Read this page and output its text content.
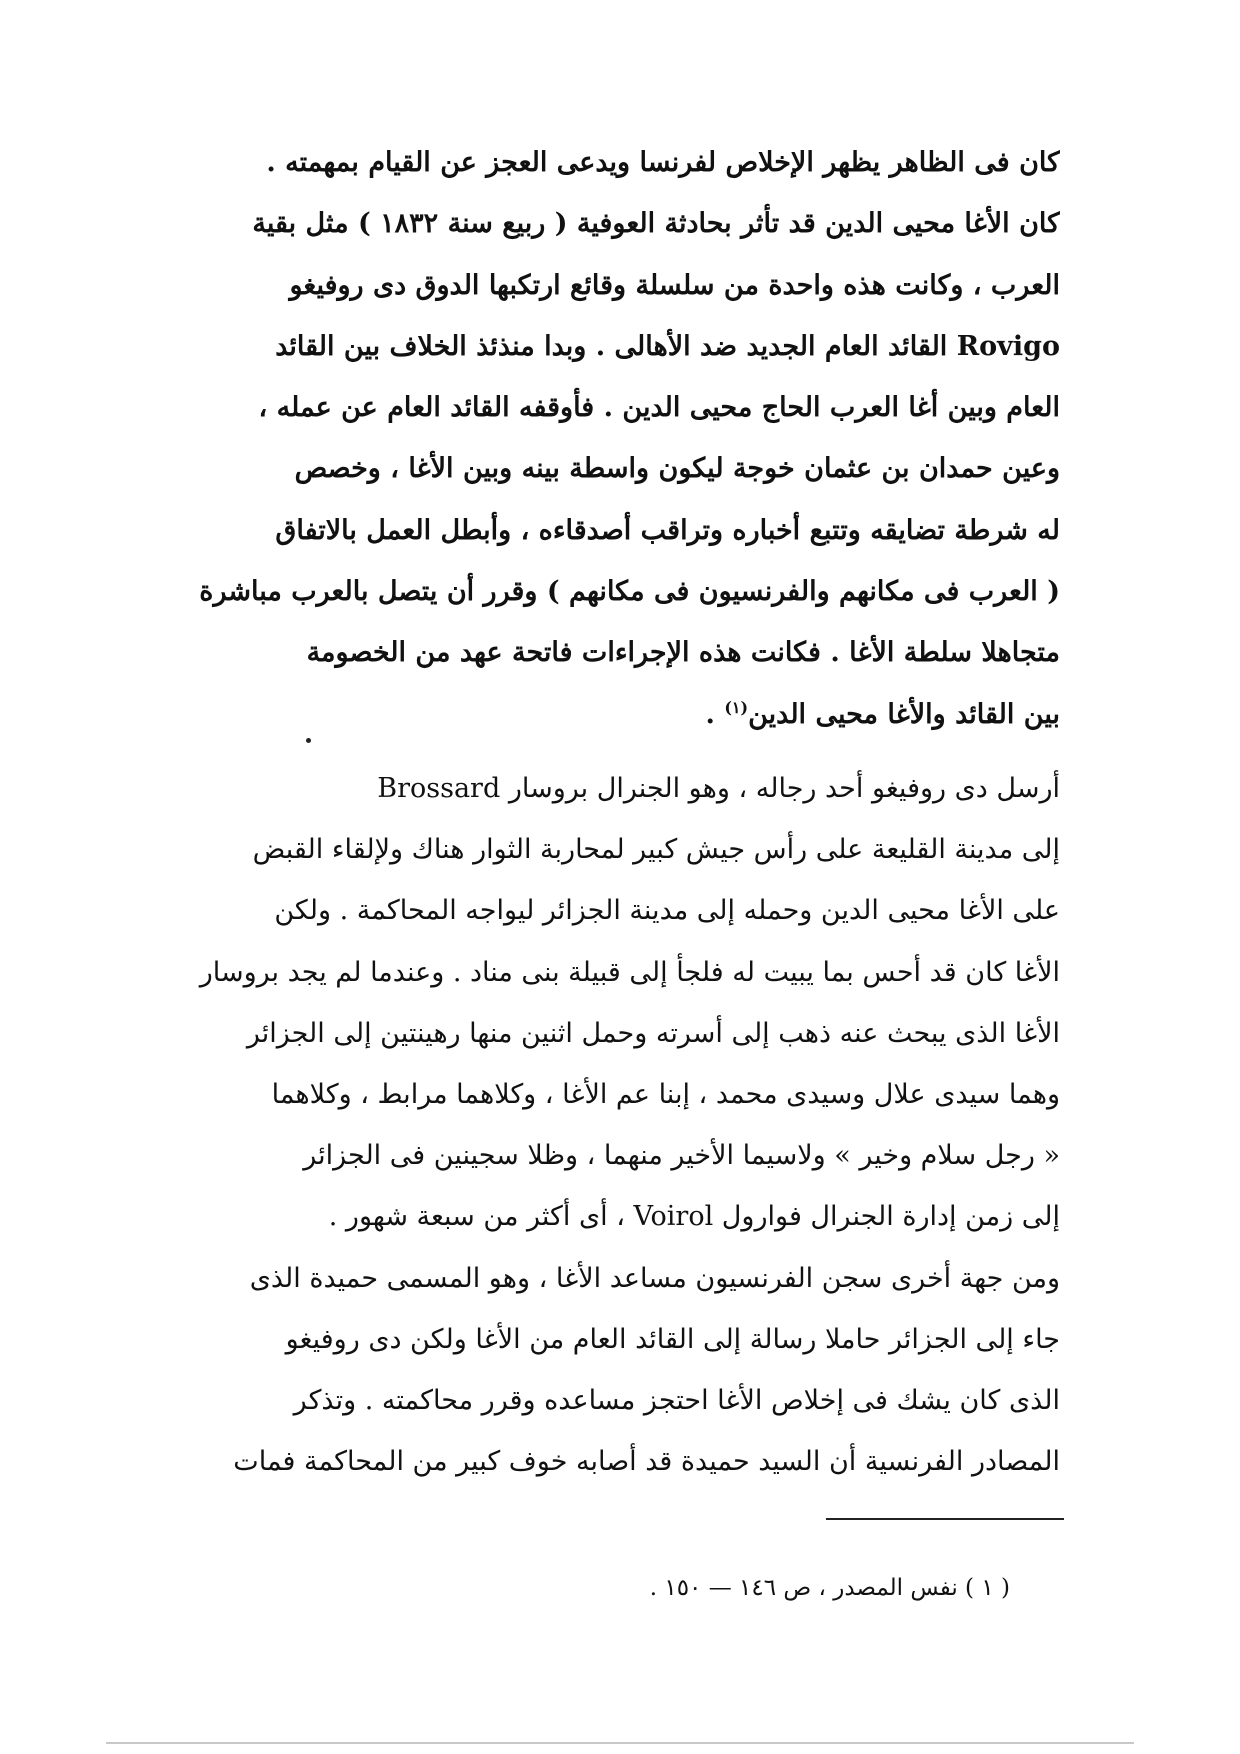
كان فى الظاهر يظهر الإخلاص لفرنسا ويدعى العجز عن القيام بمهمته .
كان الأغا محيى الدين قد تأثر بحادثة العوفية ( ربيع سنة ١٨٣٢ ) مثل بقية
العرب ، وكانت هذه واحدة من سلسلة وقائع ارتكبها الدوق دى روفيغو
Rovigo القائد العام الجديد ضد الأهالى . وبدا منذئذ الخلاف بين القائد
العام وبين أغا العرب الحاج محيى الدين . فأوقفه القائد العام عن عمله ،
وعين حمدان بن عثمان خوجة ليكون واسطة بينه وبين الأغا ، وخصص
له شرطة تضايقه وتتبع أخباره وتراقب أصدقاءه ، وأبطل العمل بالاتفاق
( العرب فى مكانهم والفرنسيون فى مكانهم ) وقرر أن يتصل بالعرب مباشرة
متجاهلا سلطة الأغا . فكانت هذه الإجراءات فاتحة عهد من الخصومة
بين القائد والأغا محيى الدين$^{(١)}$ .
أرسل دى روفيغو أحد رجاله ، وهو الجنرال بروسار Brossard
إلى مدينة القليعة على رأس جيش كبير لمحاربة الثوار هناك ولإلقاء القبض
على الأغا محيى الدين وحمله إلى مدينة الجزائر ليواجه المحاكمة . ولكن
الأغا كان قد أحس بما يبيت له فلجأ إلى قبيلة بنى مناد . وعندما لم يجد بروسار
الأغا الذى يبحث عنه ذهب إلى أسرته وحمل اثنين منها رهينتين إلى الجزائر
وهما سيدى علال وسيدى محمد ، إبنا عم الأغا ، وكلاهما مرابط ، وكلاهما
« رجل سلام وخير » ولاسيما الأخير منهما ، وظلا سجينين فى الجزائر
إلى زمن إدارة الجنرال فوارول Voirol ، أى أكثر من سبعة شهور .
ومن جهة أخرى سجن الفرنسيون مساعد الأغا ، وهو المسمى حميدة الذى
جاء إلى الجزائر حاملا رسالة إلى القائد العام من الأغا ولكن دى روفيغو
الذى كان يشك فى إخلاص الأغا احتجز مساعده وقرر محاكمته . وتذكر
المصادر الفرنسية أن السيد حميدة قد أصابه خوف كبير من المحاكمة فمات
( ١ ) نفس المصدر ، ص ١٤٦ — ١٥٠ .
